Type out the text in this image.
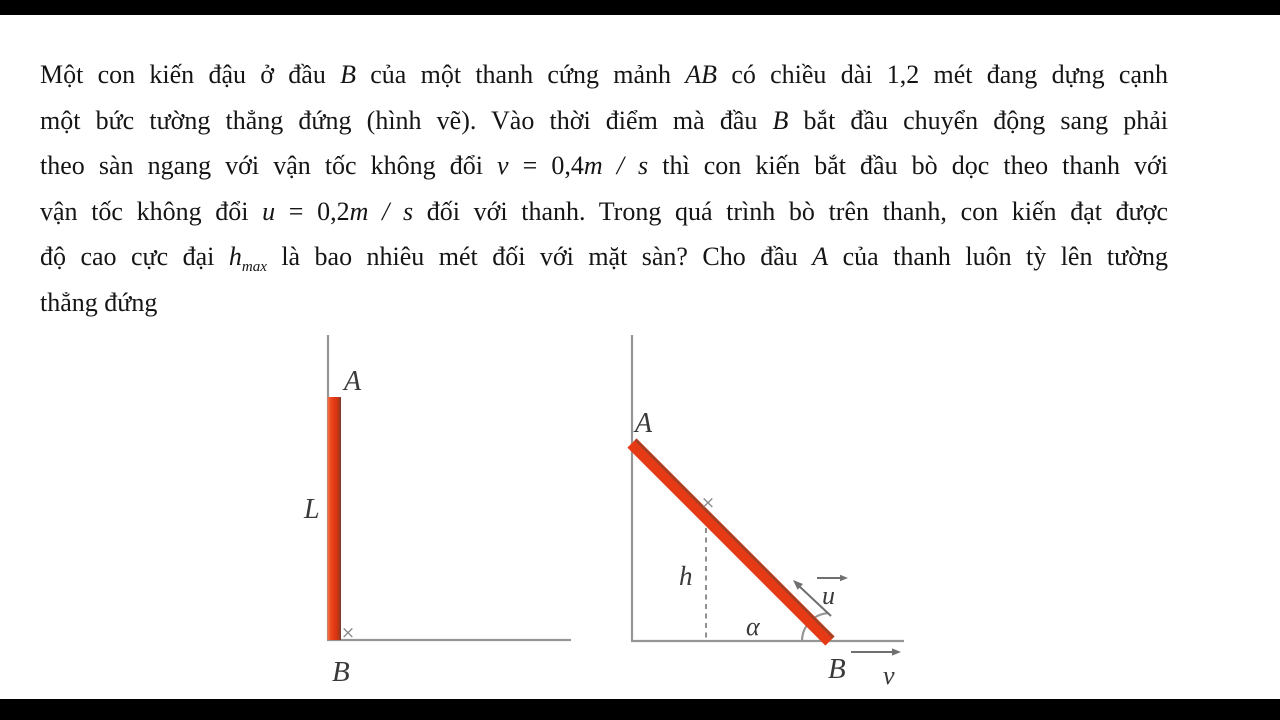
Một con kiến đậu ở đầu B của một thanh cứng mảnh AB có chiều dài 1,2 mét đang dựng cạnh
một bức tường thẳng đứng (hình vẽ). Vào thời điểm mà đầu B bắt đầu chuyển động sang phải
theo sàn ngang với vận tốc không đổi v = 0,4m / s thì con kiến bắt đầu bò dọc theo thanh với
vận tốc không đổi u = 0,2m / s đối với thanh. Trong quá trình bò trên thanh, con kiến đạt được
độ cao cực đại $h_{max}$ là bao nhiêu mét đối với mặt sàn? Cho đầu A của thanh luôn tỳ lên tường
thẳng đứng
A
L
×
B
A
×
h
α
u
B v
